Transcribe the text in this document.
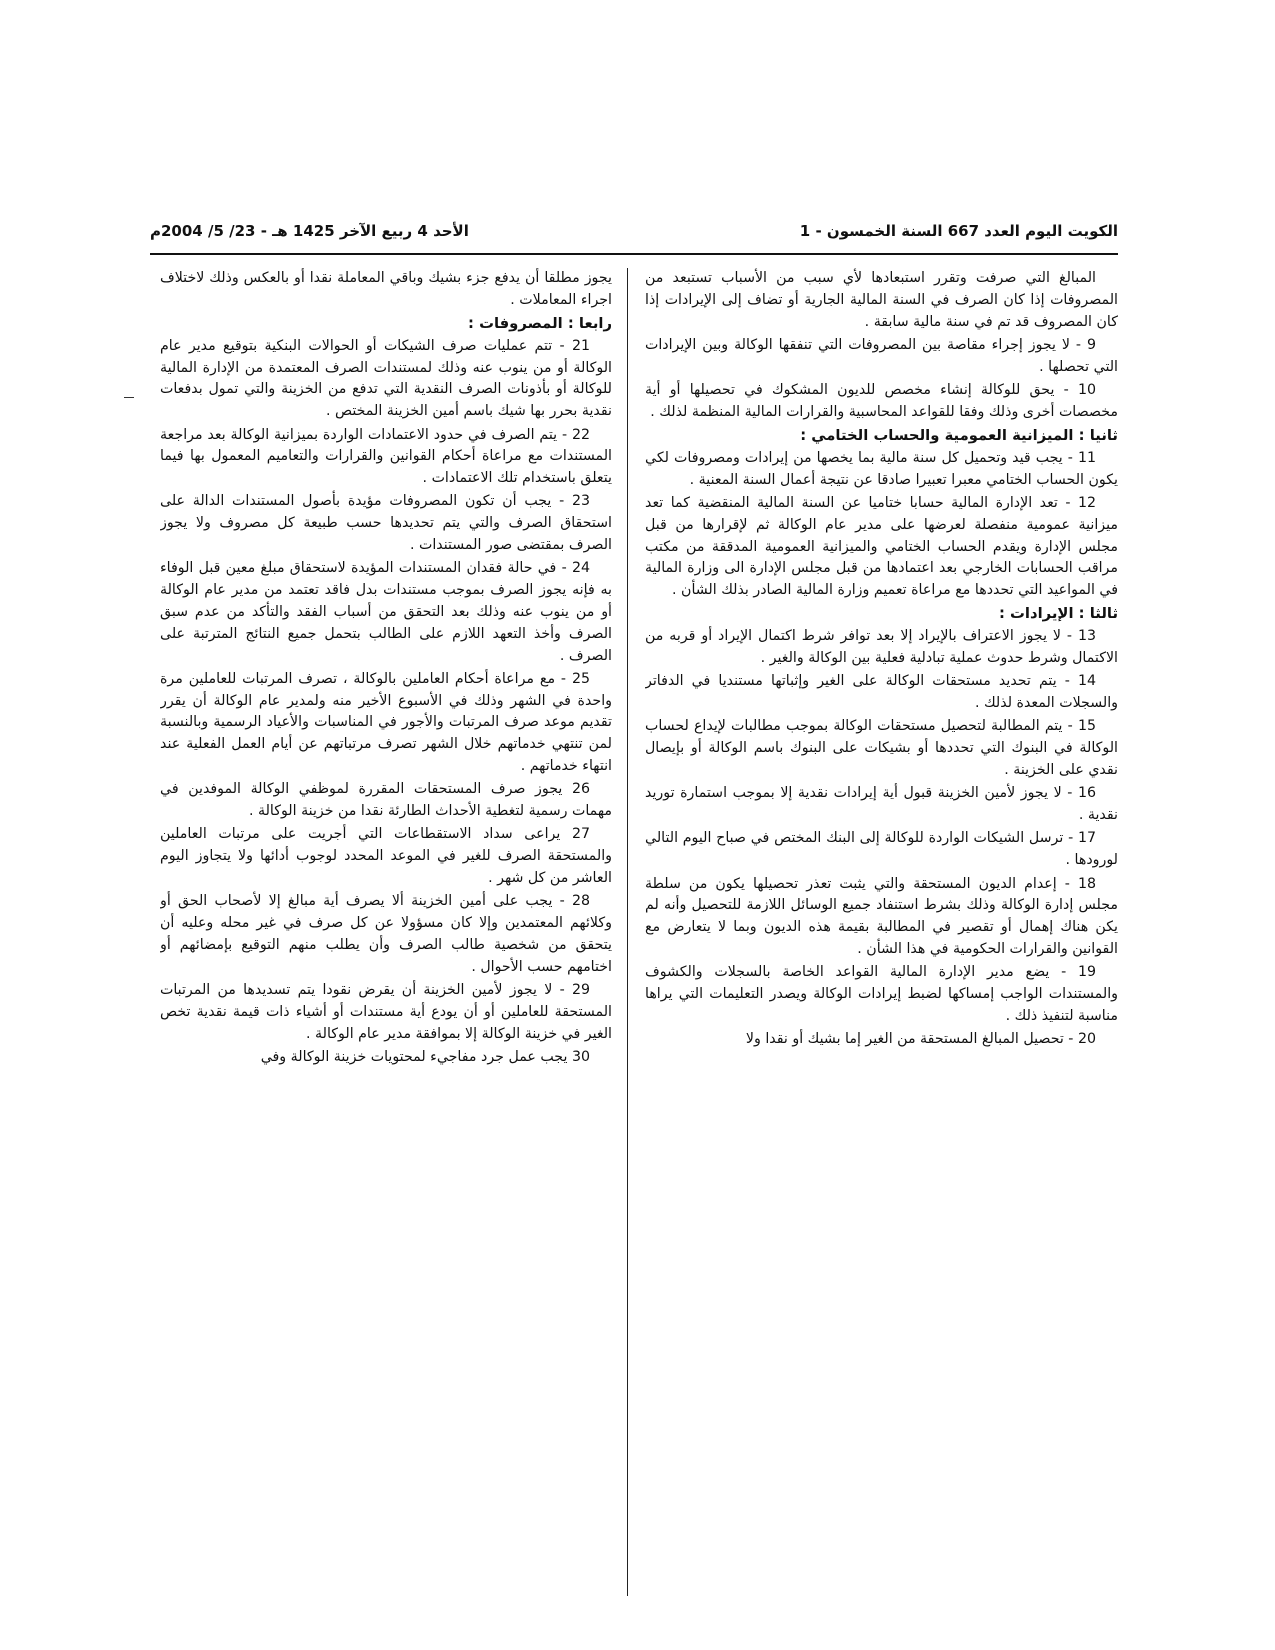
الكويت اليوم العدد 667 السنة الخمسون - 1
الأحد 4 ربيع الآخر 1425 هـ - 23/ 5/ 2004م

المبالغ التي صرفت وتقرر استبعادها لأي سبب من الأسباب تستبعد من المصروفات إذا كان الصرف في السنة المالية الجارية أو تضاف إلى الإيرادات إذا كان المصروف قد تم في سنة مالية سابقة .

9 - لا يجوز إجراء مقاصة بين المصروفات التي تنفقها الوكالة وبين الإيرادات التي تحصلها .

10 - يحق للوكالة إنشاء مخصص للديون المشكوك في تحصيلها أو أية مخصصات أخرى وذلك وفقا للقواعد المحاسبية والقرارات المالية المنظمة لذلك .

ثانيا : الميزانية العمومية والحساب الختامي :

11 - يجب قيد وتحميل كل سنة مالية بما يخصها من إيرادات ومصروفات لكي يكون الحساب الختامي معبرا تعبيرا صادقا عن نتيجة أعمال السنة المعنية .

12 - تعد الإدارة المالية حسابا ختاميا عن السنة المالية المنقضية كما تعد ميزانية عمومية منفصلة لعرضها على مدير عام الوكالة ثم لإقرارها من قبل مجلس الإدارة ويقدم الحساب الختامي والميزانية العمومية المدققة من مكتب مراقب الحسابات الخارجي بعد اعتمادها من قبل مجلس الإدارة الى وزارة المالية في المواعيد التي تحددها مع مراعاة تعميم وزارة المالية الصادر بذلك الشأن .

ثالثا : الإيرادات :

13 - لا يجوز الاعتراف بالإيراد إلا بعد توافر شرط اكتمال الإيراد أو قربه من الاكتمال وشرط حدوث عملية تبادلية فعلية بين الوكالة والغير .

14 - يتم تحديد مستحقات الوكالة على الغير وإثباتها مستنديا في الدفاتر والسجلات المعدة لذلك .

15 - يتم المطالبة لتحصيل مستحقات الوكالة بموجب مطالبات لإيداع لحساب الوكالة في البنوك التي تحددها أو بشيكات على البنوك باسم الوكالة أو بإيصال نقدي على الخزينة .

16 - لا يجوز لأمين الخزينة قبول أية إيرادات نقدية إلا بموجب استمارة توريد نقدية .

17 - ترسل الشيكات الواردة للوكالة إلى البنك المختص في صباح اليوم التالي لورودها .

18 - إعدام الديون المستحقة والتي يثبت تعذر تحصيلها يكون من سلطة مجلس إدارة الوكالة وذلك بشرط استنفاد جميع الوسائل اللازمة للتحصيل وأنه لم يكن هناك إهمال أو تقصير في المطالبة بقيمة هذه الديون وبما لا يتعارض مع القوانين والقرارات الحكومية في هذا الشأن .

19 - يضع مدير الإدارة المالية القواعد الخاصة بالسجلات والكشوف والمستندات الواجب إمساكها لضبط إيرادات الوكالة ويصدر التعليمات التي يراها مناسبة لتنفيذ ذلك .

20 - تحصيل المبالغ المستحقة من الغير إما بشيك أو نقدا ولا

يجوز مطلقا أن يدفع جزء بشيك وباقي المعاملة نقدا أو بالعكس وذلك لاختلاف اجراء المعاملات .

رابعا : المصروفات :

21 - تتم عمليات صرف الشيكات أو الحوالات البنكية بتوقيع مدير عام الوكالة أو من ينوب عنه وذلك لمستندات الصرف المعتمدة من الإدارة المالية للوكالة أو بأذونات الصرف النقدية التي تدفع من الخزينة والتي تمول بدفعات نقدية بحرر بها شيك باسم أمين الخزينة المختص .

22 - يتم الصرف في حدود الاعتمادات الواردة بميزانية الوكالة بعد مراجعة المستندات مع مراعاة أحكام القوانين والقرارات والتعاميم المعمول بها فيما يتعلق باستخدام تلك الاعتمادات .

23 - يجب أن تكون المصروفات مؤيدة بأصول المستندات الدالة على استحقاق الصرف والتي يتم تحديدها حسب طبيعة كل مصروف ولا يجوز الصرف بمقتضى صور المستندات .

24 - في حالة فقدان المستندات المؤيدة لاستحقاق مبلغ معين قبل الوفاء به فإنه يجوز الصرف بموجب مستندات بدل فاقد تعتمد من مدير عام الوكالة أو من ينوب عنه وذلك بعد التحقق من أسباب الفقد والتأكد من عدم سبق الصرف وأخذ التعهد اللازم على الطالب بتحمل جميع النتائج المترتبة على الصرف .

25 - مع مراعاة أحكام العاملين بالوكالة ، تصرف المرتبات للعاملين مرة واحدة في الشهر وذلك في الأسبوع الأخير منه ولمدير عام الوكالة أن يقرر تقديم موعد صرف المرتبات والأجور في المناسبات والأعياد الرسمية وبالنسبة لمن تنتهي خدماتهم خلال الشهر تصرف مرتباتهم عن أيام العمل الفعلية عند انتهاء خدماتهم .

26 يجوز صرف المستحقات المقررة لموظفي الوكالة الموفدين في مهمات رسمية لتغطية الأحداث الطارئة نقدا من خزينة الوكالة .

27 يراعى سداد الاستقطاعات التي أجريت على مرتبات العاملين والمستحقة الصرف للغير في الموعد المحدد لوجوب أدائها ولا يتجاوز اليوم العاشر من كل شهر .

28 - يجب على أمين الخزينة ألا يصرف أية مبالغ إلا لأصحاب الحق أو وكلائهم المعتمدين وإلا كان مسؤولا عن كل صرف في غير محله وعليه أن يتحقق من شخصية طالب الصرف وأن يطلب منهم التوقيع بإمضائهم أو اختامهم حسب الأحوال .

29 - لا يجوز لأمين الخزينة أن يقرض نقودا يتم تسديدها من المرتبات المستحقة للعاملين أو أن يودع أية مستندات أو أشياء ذات قيمة نقدية تخص الغير في خزينة الوكالة إلا بموافقة مدير عام الوكالة .

30 يجب عمل جرد مفاجيء لمحتويات خزينة الوكالة وفي
